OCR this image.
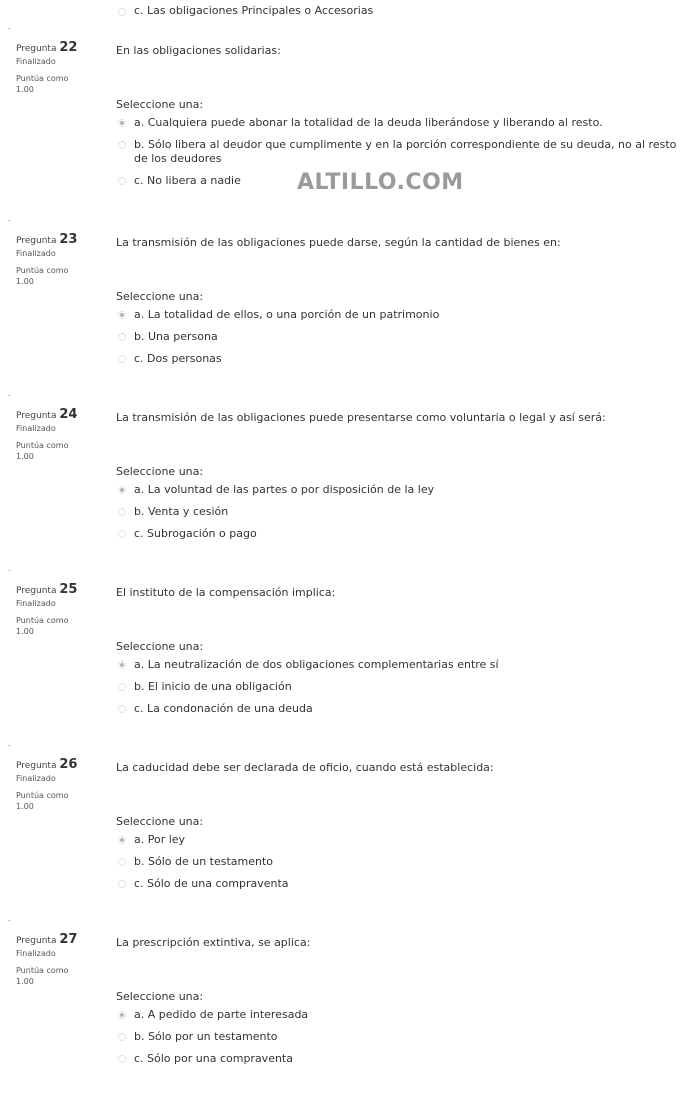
c. Las obligaciones Principales o Accesorias
Pregunta 22
Finalizado
Puntúa como
1.00
En las obligaciones solidarias:
Seleccione una:
a. Cualquiera puede abonar la totalidad de la deuda liberándose y liberando al resto.
b. Sólo libera al deudor que cumplimente y en la porción correspondiente de su deuda, no al resto de los deudores
c. No libera a nadie	ALTILLO.COM
Pregunta 23
Finalizado
Puntúa como
1.00
La transmisión de las obligaciones puede darse, según la cantidad de bienes en:
Seleccione una:
a. La totalidad de ellos, o una porción de un patrimonio
b. Una persona
c. Dos personas
Pregunta 24
Finalizado
Puntúa como
1.00
La transmisión de las obligaciones puede presentarse como voluntaria o legal y así será:
Seleccione una:
a. La voluntad de las partes o por disposición de la ley
b. Venta y cesión
c. Subrogación o pago
Pregunta 25
Finalizado
Puntúa como
1.00
El instituto de la compensación implica:
Seleccione una:
a. La neutralización de dos obligaciones complementarias entre sí
b. El inicio de una obligación
c. La condonación de una deuda
Pregunta 26
Finalizado
Puntúa como
1.00
La caducidad debe ser declarada de oficio, cuando está establecida:
Seleccione una:
a. Por ley
b. Sólo de un testamento
c. Sólo de una compraventa
Pregunta 27
Finalizado
Puntúa como
1.00
La prescripción extintiva, se aplica:
Seleccione una:
a. A pedido de parte interesada
b. Sólo por un testamento
c. Sólo por una compraventa
